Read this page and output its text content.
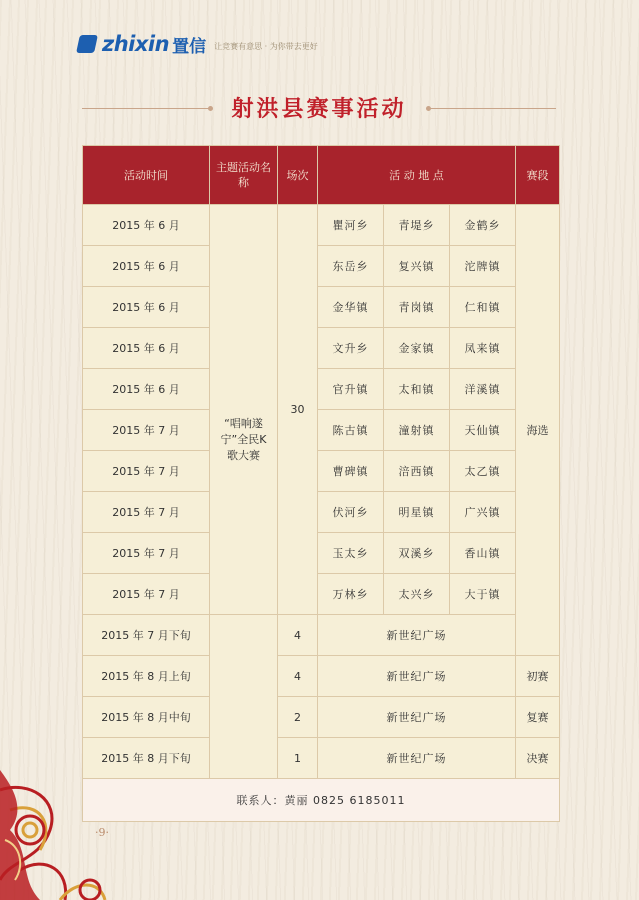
zhixin 置信 让竞赛有意思 · 为你带去更好
射洪县赛事活动
活动时间	主题活动名称	场次	活 动 地 点			赛段
2015 年 6 月	“唱响遂宁”全民K歌大赛	30	瞿河乡	青堤乡	金鹤乡	海选
2015 年 6 月			东岳乡	复兴镇	沱牌镇	
2015 年 6 月			金华镇	青岗镇	仁和镇	
2015 年 6 月			文升乡	金家镇	凤来镇	
2015 年 6 月			官升镇	太和镇	洋溪镇	
2015 年 7 月			陈古镇	潼射镇	天仙镇	
2015 年 7 月			曹碑镇	涪西镇	太乙镇	
2015 年 7 月			伏河乡	明星镇	广兴镇	
2015 年 7 月			玉太乡	双溪乡	香山镇	
2015 年 7 月			万林乡	太兴乡	大于镇	
2015 年 7 月下旬		4	新世纪广场			
2015 年 8 月上旬		4	新世纪广场			初赛
2015 年 8 月中旬		2	新世纪广场			复赛
2015 年 8 月下旬		1	新世纪广场			决赛
联系人：黄丽 0825 6185011						
·9·
